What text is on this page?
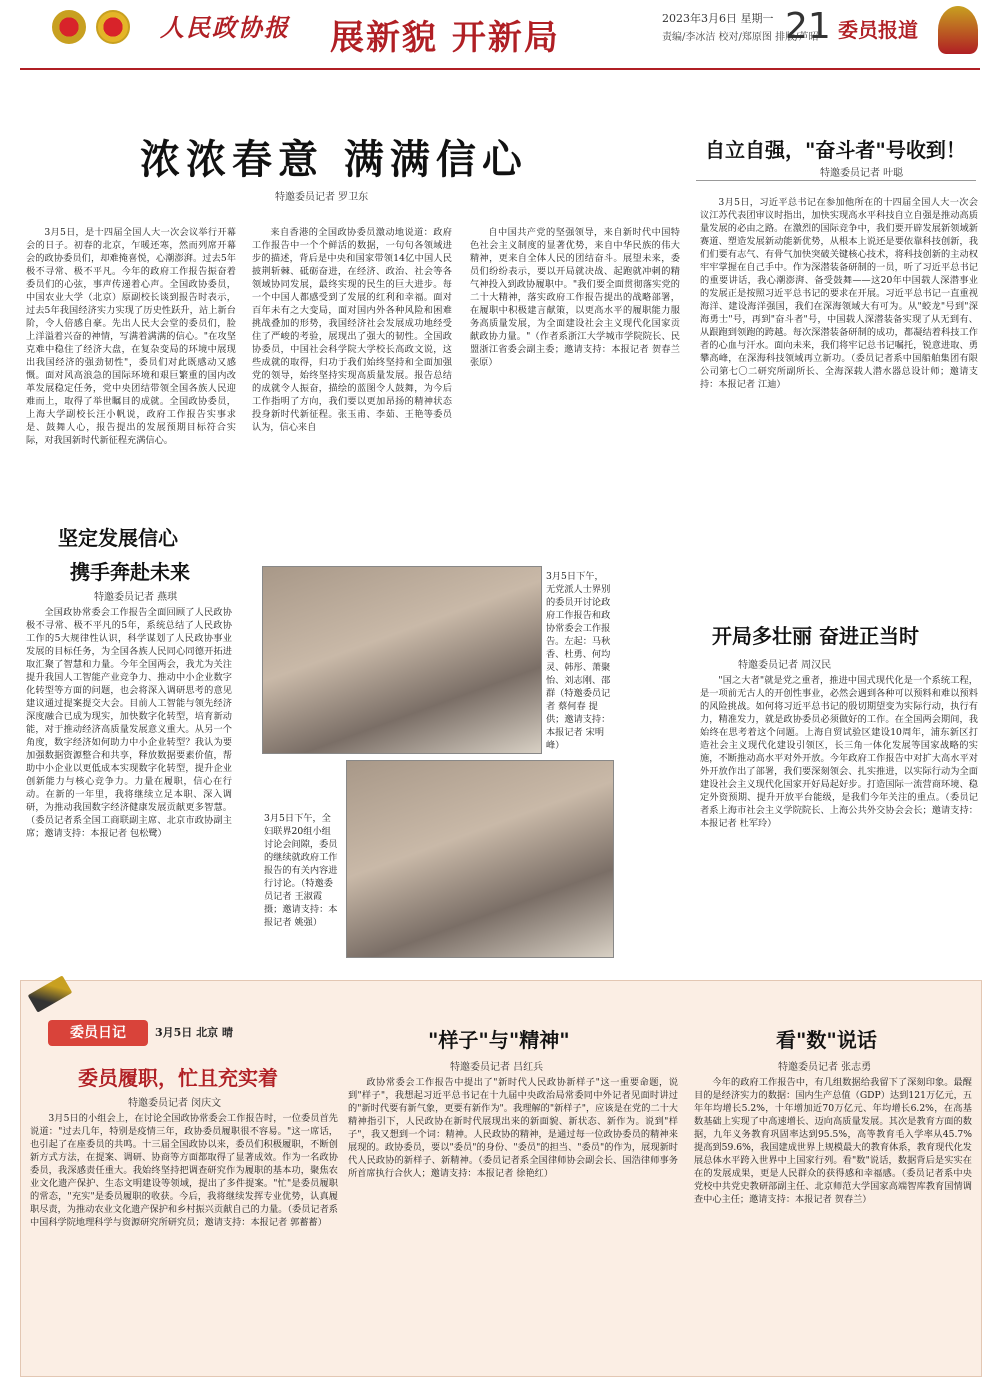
人民政协报 展新貌 开新局	2023年3月6日 星期一
责编/李冰洁 校对/郑原图 排版/芦昭
21 委员报道
浓浓春意 满满信心
特邀委员记者 罗卫东

3月5日，是十四届全国人大一次会议举行开幕会的日子。初春的北京，乍暖还寒，然而列席开幕会的政协委员们，却难掩喜悦，心潮澎湃。过去5年极不寻常、极不平凡。今年的政府工作报告振奋着委员们的心弦，事声传递着心声。全国政协委员，中国农业大学（北京）原副校长谈到报告时表示，过去5年我国经济实力实现了历史性跃升，站上新台阶，令人倍感自豪。先出人民大会堂的委员们，脸上洋溢着兴奋的神情，写满着满满的信心。"在攻坚克难中稳住了经济大盘，在复杂变局的环境中展现出我国经济的强劲韧性"，委员们对此既感动又感慨。面对风高浪急的国际环境和艰巨繁重的国内改革发展稳定任务，党中央团结带领全国各族人民迎难而上，取得了举世瞩目的成就。全国政协委员，上海大学副校长汪小帆说，政府工作报告实事求是、鼓舞人心，报告提出的发展预期目标符合实际，对我国新时代新征程充满信心。

来自香港的全国政协委员激动地说道：政府工作报告中一个个鲜活的数据，一句句各领域进步的描述，背后是中央和国家带领14亿中国人民披荆斩棘、砥砺奋进，在经济、政治、社会等各领域协同发展，最终实现的民生的巨大进步。每一个中国人都感受到了发展的红利和幸福。面对百年未有之大变局，面对国内外各种风险和困难挑战叠加的形势，我国经济社会发展成功地经受住了严峻的考验，展现出了强大的韧性。全国政协委员，中国社会科学院大学校长高政文说，这些成就的取得，归功于我们始终坚持和全面加强党的领导，始终坚持实现高质量发展。报告总结的成就令人振奋，描绘的蓝图令人鼓舞，为今后工作指明了方向，我们要以更加昂扬的精神状态投身新时代新征程。张玉甫、李茹、王艳等委员认为，信心来自

自中国共产党的坚强领导，来自新时代中国特色社会主义制度的显著优势，来自中华民族的伟大精神，更来自全体人民的团结奋斗。展望未来，委员们纷纷表示，要以开局就决战、起跑就冲刺的精气神投入到政协履职中。"我们要全面贯彻落实党的二十大精神，落实政府工作报告提出的战略部署，在履职中积极建言献策，以更高水平的履职能力服务高质量发展，为全面建设社会主义现代化国家贡献政协力量。"（作者系浙江大学城市学院院长、民盟浙江省委会副主委；邀请支持：本报记者 贺春兰 张原）

自立自强，"奋斗者"号收到！
特邀委员记者 叶聪

3月5日，习近平总书记在参加他所在的十四届全国人大一次会议江苏代表团审议时指出，加快实现高水平科技自立自强是推动高质量发展的必由之路。在激烈的国际竞争中，我们要开辟发展新领域新赛道、塑造发展新动能新优势，从根本上说还是要依靠科技创新，我们们要有志气、有骨气加快突破关键核心技术，将科技创新的主动权牢牢掌握在自己手中。作为深潜装备研制的一员，听了习近平总书记的重要讲话，我心潮澎湃、备受鼓舞——这20年中国载人深潜事业的发展正是按照习近平总书记的要求在开展。习近平总书记一直重视海洋、建设海洋强国，我们在深海领域大有可为。从"蛟龙"号到"深海勇士"号，再到"奋斗者"号，中国载人深潜装备实现了从无到有、从跟跑到领跑的跨越。每次深潜装备研制的成功，都凝结着科技工作者的心血与汗水。面向未来，我们将牢记总书记嘱托，锐意进取、勇攀高峰，在深海科技领域再立新功。（委员记者系中国船舶集团有限公司第七〇二研究所副所长、全海深载人潜水器总设计师；邀请支持：本报记者 江迪）

坚定发展信心
携手奔赴未来
特邀委员记者 燕琪

全国政协常委会工作报告全面回顾了人民政协极不寻常、极不平凡的5年，系统总结了人民政协工作的5大规律性认识，科学谋划了人民政协事业发展的目标任务，为全国各族人民同心同德开拓进取汇聚了智慧和力量。今年全国两会，我尤为关注提升我国人工智能产业竞争力、推动中小企业数字化转型等方面的问题，也会将深入调研思考的意见建议通过提案提交大会。目前人工智能与领先经济深度融合已成为现实，加快数字化转型，培育新动能，对于推动经济高质量发展意义重大。从另一个角度，数字经济如何助力中小企业转型？我认为要加强数据资源整合和共享，释放数据要素价值，帮助中小企业以更低成本实现数字化转型，提升企业创新能力与核心竞争力。力量在履职，信心在行动。在新的一年里，我将继续立足本职、深入调研，为推动我国数字经济健康发展贡献更多智慧。（委员记者系全国工商联副主席、北京市政协副主席；邀请支持：本报记者 包松鹭）

3月5日下午，无党派人士界别的委员开讨论政府工作报告和政协常委会工作报告。左起：马秋香、杜勇、何均灵、韩彤、萧聚怡、刘志刚、邵群（特邀委员记者 蔡何春 提供；邀请支持：本报记者 宋明峰）
3月5日下午，全妇联界20组小组讨论会间隙，委员的继续就政府工作报告的有关内容进行讨论。（特邀委员记者 王淑霞 摄；邀请支持：本报记者 姚强）
开局多壮丽 奋进正当时
特邀委员记者 周汉民

"国之大者"就是党之重者，推进中国式现代化是一个系统工程，是一项前无古人的开创性事业，必然会遇到各种可以预料和难以预料的风险挑战。如何将习近平总书记的殷切期望变为实际行动，执行有力，精准发力，就是政协委员必须做好的工作。在全国两会期间，我始终在思考着这个问题。上海自贸试验区建设10周年，浦东新区打造社会主义现代化建设引领区，长三角一体化发展等国家战略的实施，不断推动高水平对外开放。今年政府工作报告中对扩大高水平对外开放作出了部署，我们要深刻领会、扎实推进，以实际行动为全面建设社会主义现代化国家开好局起好步。打造国际一流营商环境、稳定外资预期、提升开放平台能级，是我们今年关注的重点。（委员记者系上海市社会主义学院院长、上海公共外交协会会长；邀请支持：本报记者 杜军玲）

委员日记	3月5日 北京 晴
委员履职，忙且充实着
特邀委员记者 闵庆文

3月5日的小组会上，在讨论全国政协常委会工作报告时，一位委员首先说道："过去几年，特别是疫情三年，政协委员履职很不容易。"这一席话，也引起了在座委员的共鸣。十三届全国政协以来，委员们积极履职，不断创新方式方法，在提案、调研、协商等方面都取得了显著成效。作为一名政协委员，我深感责任重大。我始终坚持把调查研究作为履职的基本功，聚焦农业文化遗产保护、生态文明建设等领域，提出了多件提案。"忙"是委员履职的常态，"充实"是委员履职的收获。今后，我将继续发挥专业优势，认真履职尽责，为推动农业文化遗产保护和乡村振兴贡献自己的力量。（委员记者系中国科学院地理科学与资源研究所研究员；邀请支持：本报记者 郭蓄蓄）

"样子"与"精神"
特邀委员记者 吕红兵

政协常委会工作报告中提出了"新时代人民政协新样子"这一重要命题，说到"样子"，我想起习近平总书记在十九届中央政治局常委同中外记者见面时讲过的"新时代要有新气象，更要有新作为"。我理解的"新样子"，应该是在党的二十大精神指引下，人民政协在新时代展现出来的新面貌、新状态、新作为。说到"样子"，我又想到一个词：精神。人民政协的精神，是通过每一位政协委员的精神来展现的。政协委员，要以"委员"的身份、"委员"的担当、"委员"的作为，展现新时代人民政协的新样子、新精神。（委员记者系全国律师协会副会长、国浩律师事务所首席执行合伙人；邀请支持：本报记者 徐艳红）

看"数"说话
特邀委员记者 张志勇

今年的政府工作报告中，有几组数据给我留下了深刻印象。最醒目的是经济实力的数据：国内生产总值（GDP）达到121万亿元，五年年均增长5.2%，十年增加近70万亿元、年均增长6.2%，在高基数基础上实现了中高速增长、迈向高质量发展。其次是教育方面的数据，九年义务教育巩固率达到95.5%，高等教育毛入学率从45.7%提高到59.6%，我国建成世界上规模最大的教育体系，教育现代化发展总体水平跨入世界中上国家行列。看"数"说话，数据背后是实实在在的发展成果，更是人民群众的获得感和幸福感。（委员记者系中央党校中共党史教研部副主任、北京师范大学国家高端智库教育国情调查中心主任；邀请支持：本报记者 贺春兰）
